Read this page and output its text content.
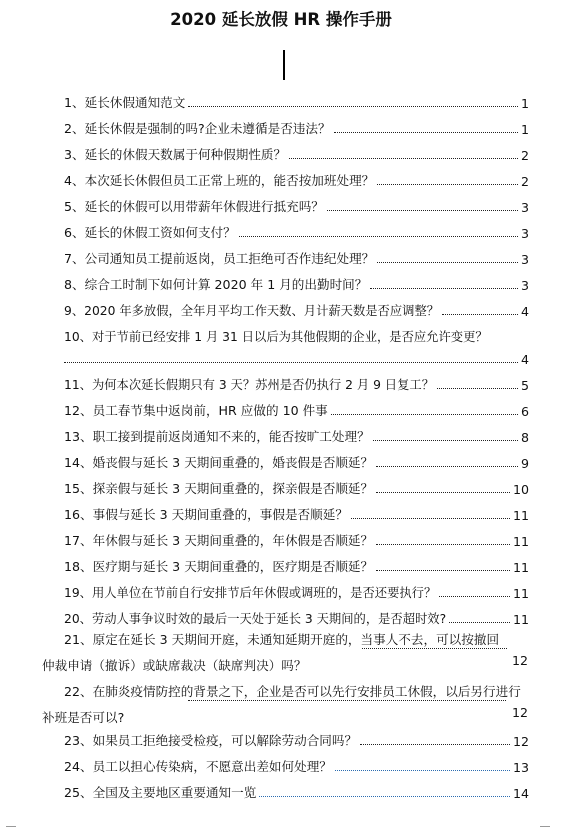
2020 延长放假 HR 操作手册
1、延长休假通知范文	1
2、延长休假是强制的吗?企业未遵循是否违法？	1
3、延长的休假天数属于何种假期性质？	2
4、本次延长休假但员工正常上班的，能否按加班处理？	2
5、延长的休假可以用带薪年休假进行抵充吗？	3
6、延长的休假工资如何支付？	3
7、公司通知员工提前返岗，员工拒绝可否作违纪处理？	3
8、综合工时制下如何计算 2020 年 1 月的出勤时间？	3
9、2020 年多放假，全年月平均工作天数、月计薪天数是否应调整？	4
10、对于节前已经安排 1 月 31 日以后为其他假期的企业，是否应允许变更？
4
11、为何本次延长假期只有 3 天？苏州是否仍执行 2 月 9 日复工？	5
12、员工春节集中返岗前，HR 应做的 10 件事	6
13、职工接到提前返岗通知不来的，能否按旷工处理？	8
14、婚丧假与延长 3 天期间重叠的，婚丧假是否顺延？	9
15、探亲假与延长 3 天期间重叠的，探亲假是否顺延？	10
16、事假与延长 3 天期间重叠的，事假是否顺延？	11
17、年休假与延长 3 天期间重叠的，年休假是否顺延？	11
18、医疗期与延长 3 天期间重叠的，医疗期是否顺延？	11
19、用人单位在节前自行安排节后年休假或调班的，是否还要执行？	11
20、劳动人事争议时效的最后一天处于延长 3 天期间的，是否超时效?	11
21、原定在延长 3 天期间开庭，未通知延期开庭的，当事人不去，可以按撤回仲裁申请（撤诉）或缺席裁决（缺席判决）吗？	12
22、在肺炎疫情防控的背景之下，企业是否可以先行安排员工休假，以后另行进行补班是否可以?	12
23、如果员工拒绝接受检疫，可以解除劳动合同吗？	12
24、员工以担心传染病，不愿意出差如何处理？	13
25、全国及主要地区重要通知一览	14
